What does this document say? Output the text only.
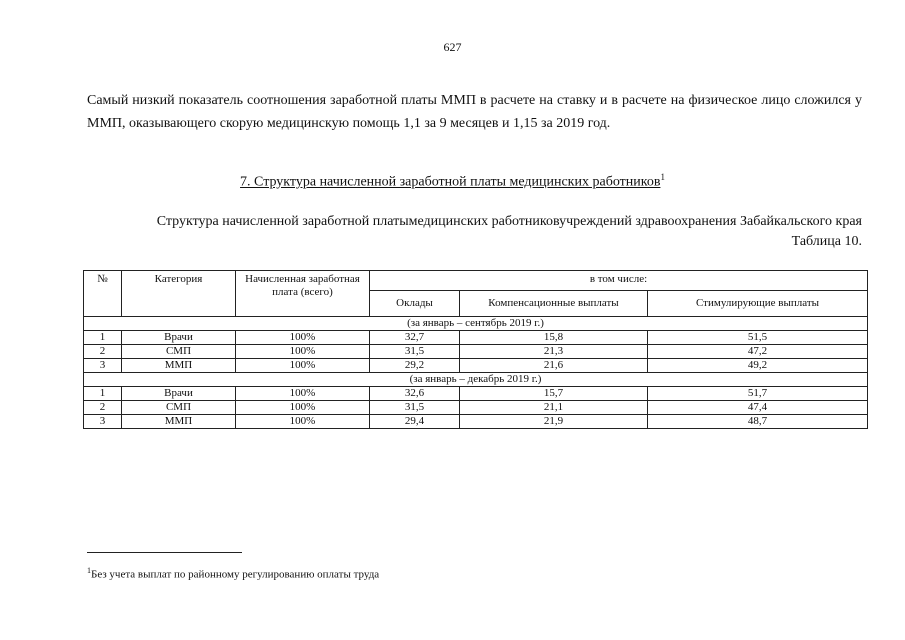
627
Самый низкий показатель соотношения заработной платы ММП в расчете на ставку и в расчете на физическое лицо сложился у ММП, оказывающего скорую медицинскую помощь 1,1 за 9 месяцев и 1,15 за 2019 год.
7. Структура начисленной заработной платы медицинских работников$^1$
Структура начисленной заработной платымедицинских работниковучреждений здравоохранения Забайкальского края
Таблица 10.
№	Категория	Начисленная заработная плата (всего)	в том числе:		
			Оклады	Компенсационные выплаты	Стимулирующие выплаты
(за январь – сентябрь 2019 г.)					
1	Врачи	100%	32,7	15,8	51,5
2	СМП	100%	31,5	21,3	47,2
3	ММП	100%	29,2	21,6	49,2
(за январь – декабрь 2019 г.)					
1	Врачи	100%	32,6	15,7	51,7
2	СМП	100%	31,5	21,1	47,4
3	ММП	100%	29,4	21,9	48,7
$^1$Без учета выплат по районному регулированию оплаты труда
